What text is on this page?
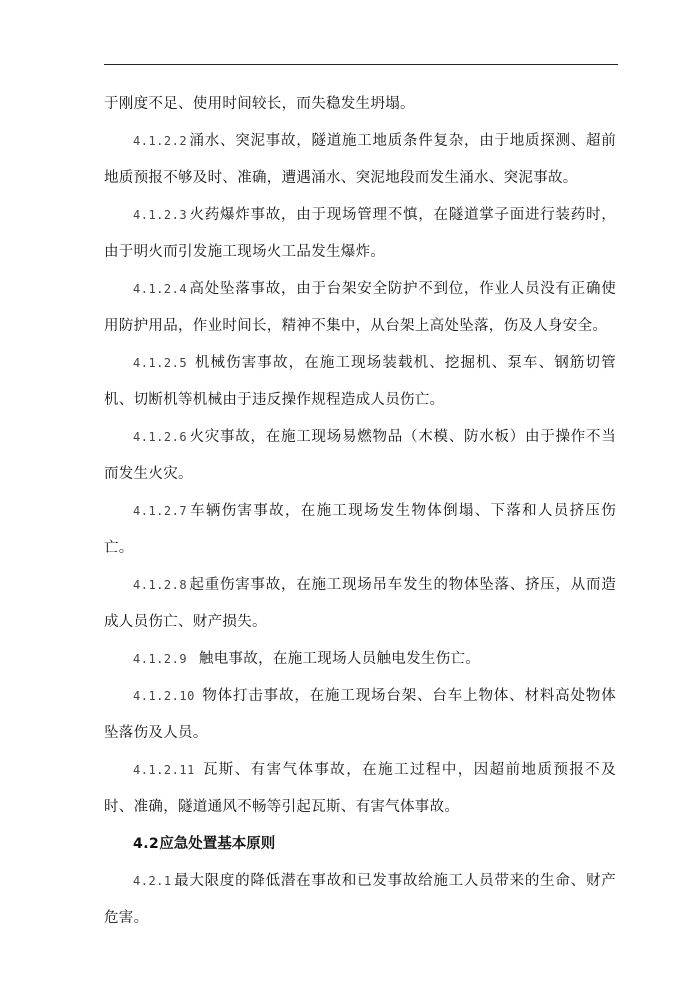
于刚度不足、使用时间较长，而失稳发生坍塌。

4.1.2.2 涌水、突泥事故，隧道施工地质条件复杂，由于地质探测、超前地质预报不够及时、准确，遭遇涌水、突泥地段而发生涌水、突泥事故。

4.1.2.3 火药爆炸事故，由于现场管理不慎，在隧道掌子面进行装药时，由于明火而引发施工现场火工品发生爆炸。

4.1.2.4 高处坠落事故，由于台架安全防护不到位，作业人员没有正确使用防护用品，作业时间长，精神不集中，从台架上高处坠落，伤及人身安全。

4.1.2.5 机械伤害事故，在施工现场装载机、挖掘机、泵车、钢筋切管机、切断机等机械由于违反操作规程造成人员伤亡。

4.1.2.6 火灾事故，在施工现场易燃物品（木模、防水板）由于操作不当而发生火灾。

4.1.2.7 车辆伤害事故，在施工现场发生物体倒塌、下落和人员挤压伤亡。

4.1.2.8 起重伤害事故，在施工现场吊车发生的物体坠落、挤压，从而造成人员伤亡、财产损失。

4.1.2.9  触电事故，在施工现场人员触电发生伤亡。

4.1.2.10 物体打击事故，在施工现场台架、台车上物体、材料高处物体坠落伤及人员。

4.1.2.11 瓦斯、有害气体事故，在施工过程中，因超前地质预报不及时、准确，隧道通风不畅等引起瓦斯、有害气体事故。

4.2应急处置基本原则

4.2.1 最大限度的降低潜在事故和已发事故给施工人员带来的生命、财产危害。
